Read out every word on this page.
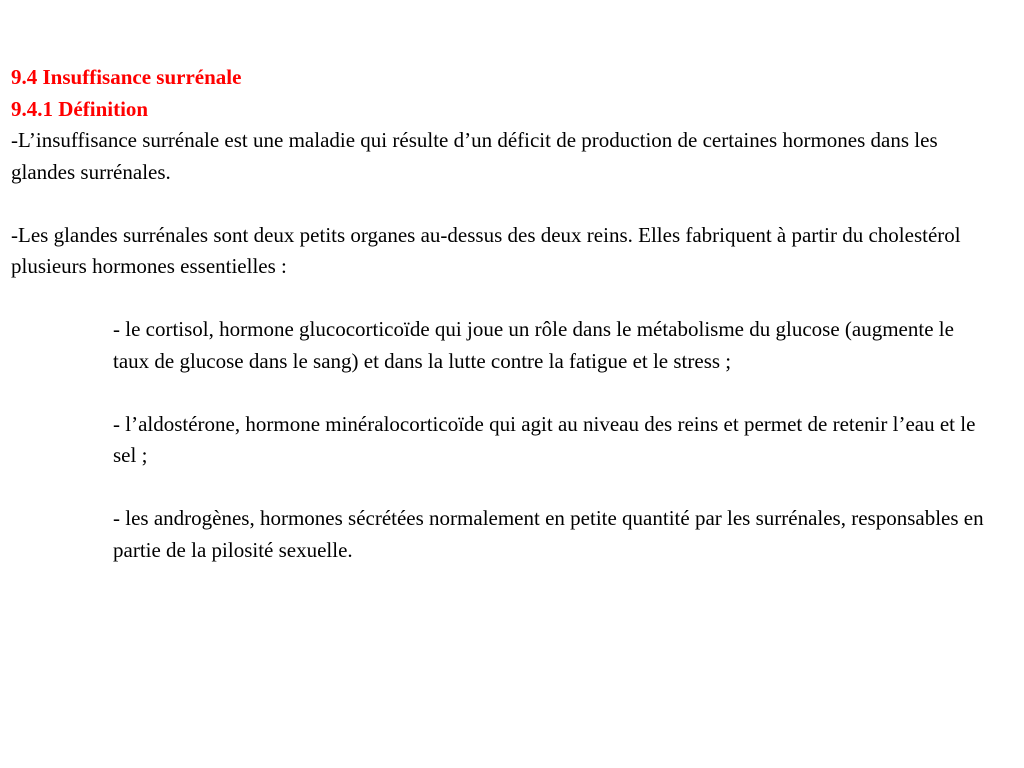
9.4 Insuffisance surrénale
9.4.1 Définition

-L’insuffisance surrénale est une maladie qui résulte d’un déficit de production de certaines hormones dans les glandes surrénales.

-Les glandes surrénales sont deux petits organes au-dessus des deux reins. Elles fabriquent à partir du cholestérol plusieurs hormones essentielles :

- le cortisol, hormone glucocorticoïde qui joue un rôle dans le métabolisme du glucose (augmente le taux de glucose dans le sang) et dans la lutte contre la fatigue et le stress ;

- l’aldostérone, hormone minéralocorticoïde qui agit au niveau des reins et permet de retenir l’eau et le sel ;

- les androgènes, hormones sécrétées normalement en petite quantité par les surrénales, responsables en partie de la pilosité sexuelle.
